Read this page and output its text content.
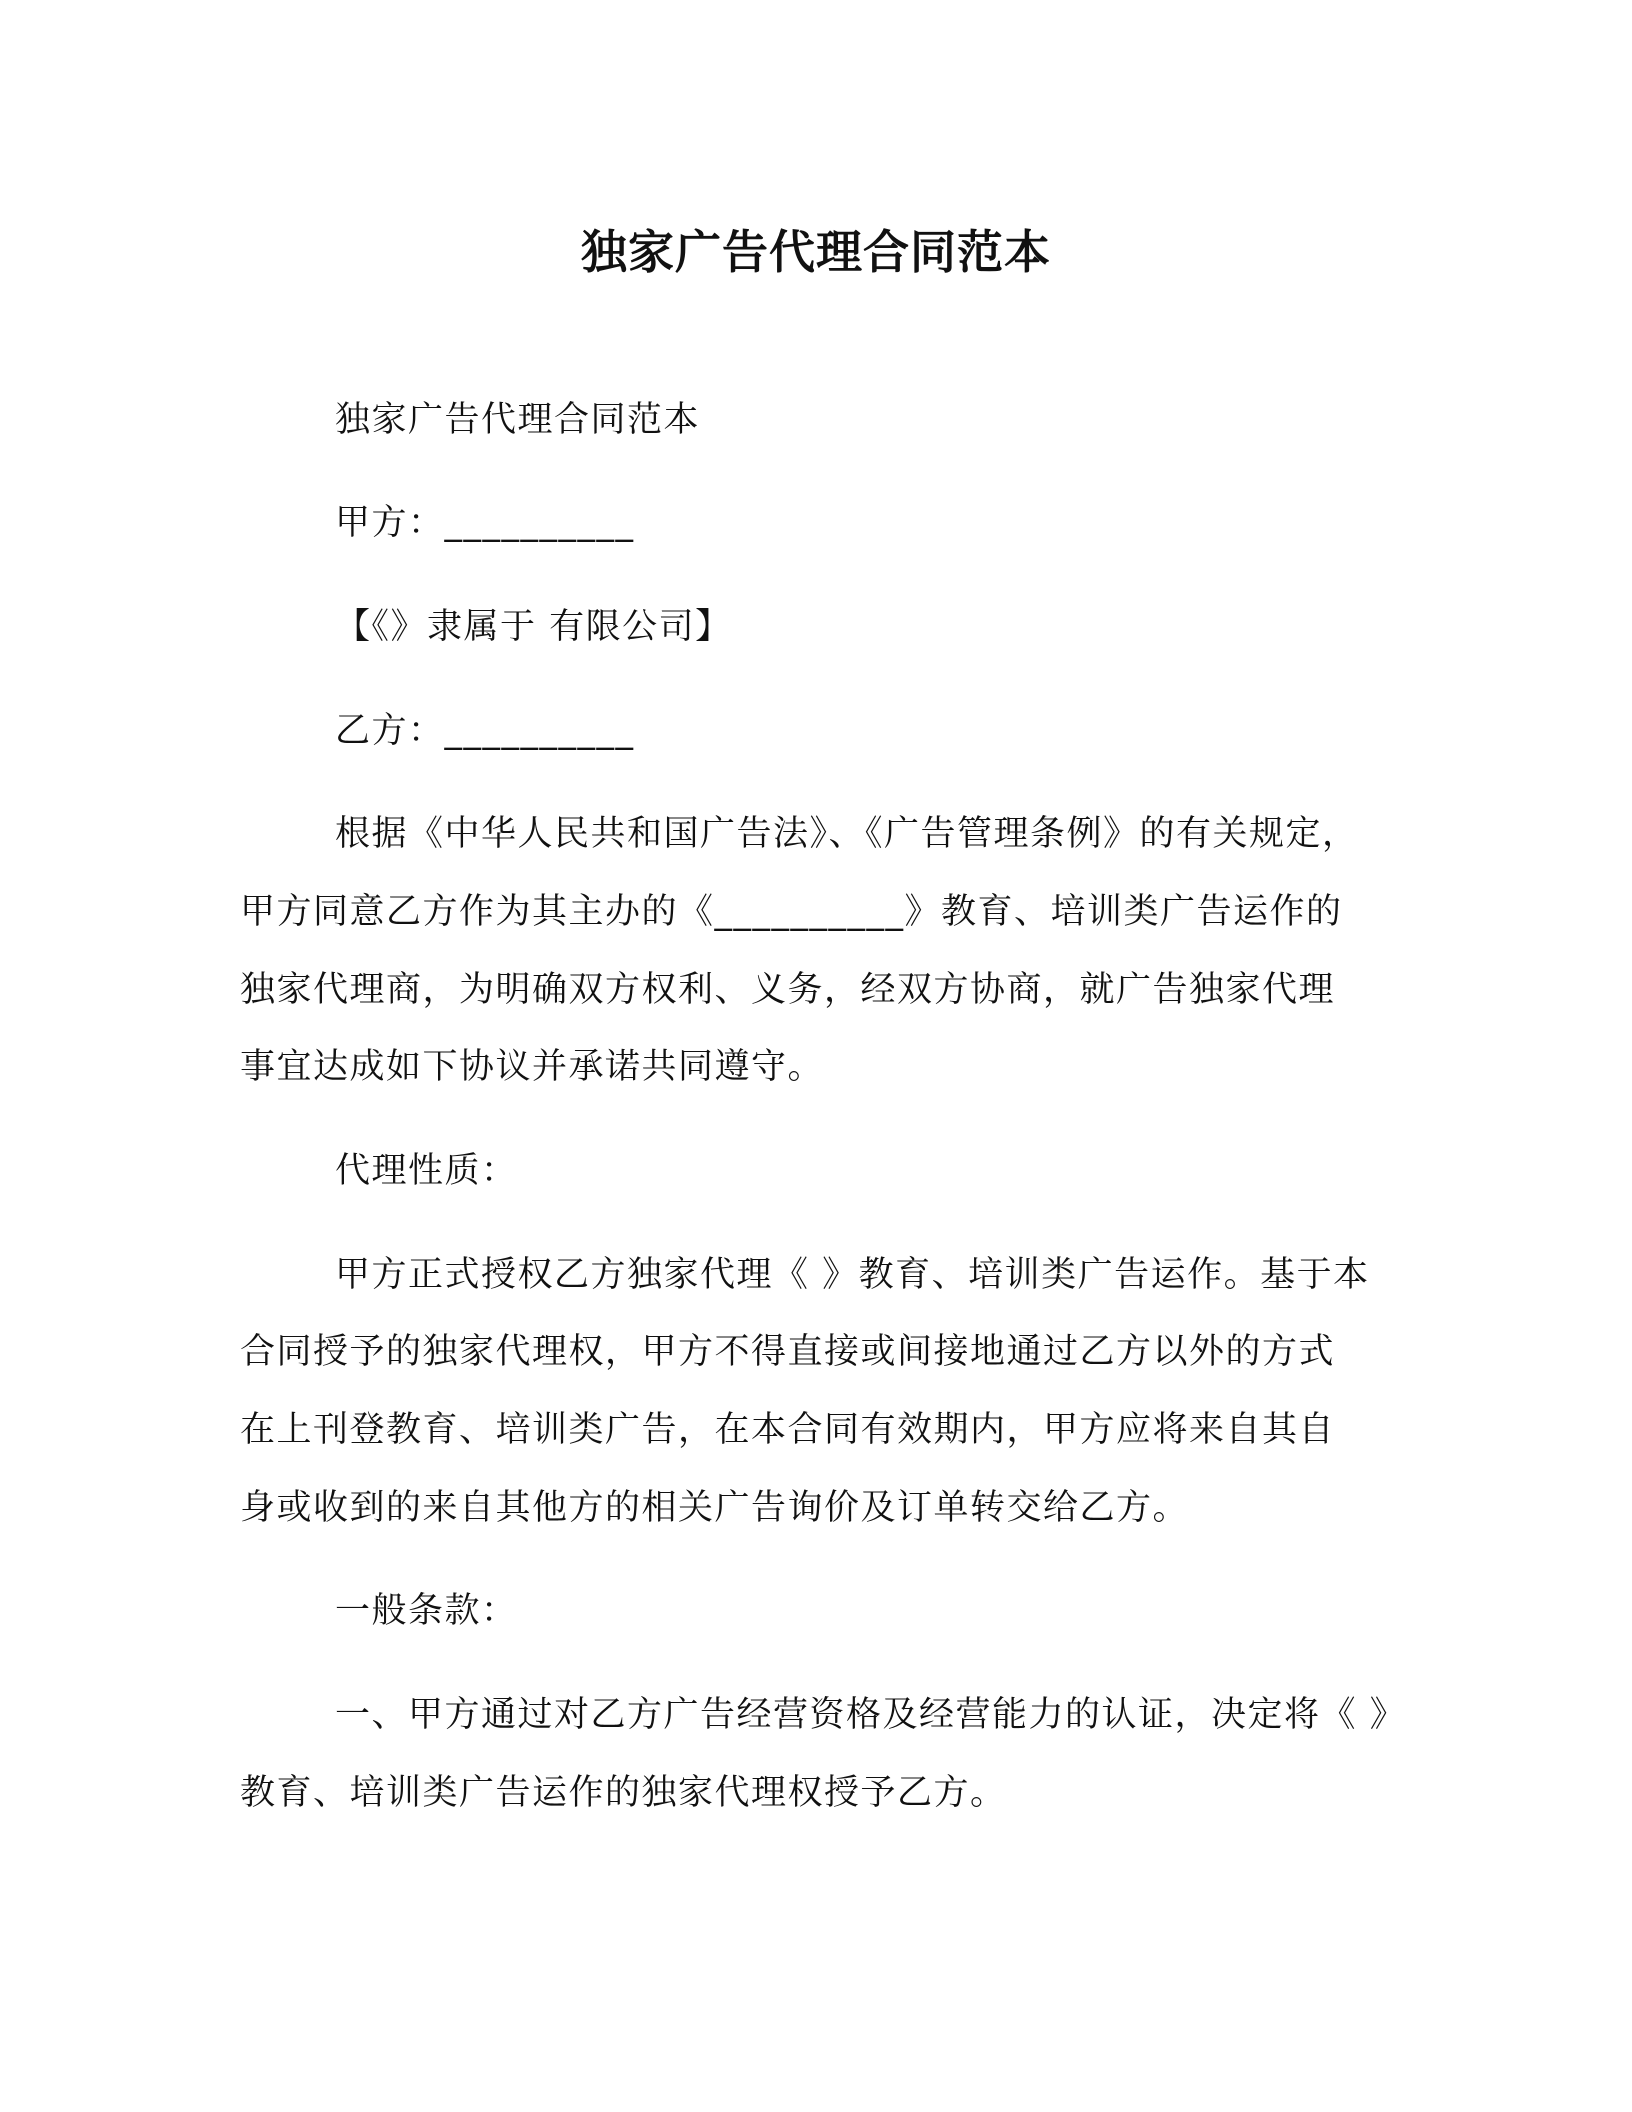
独家广告代理合同范本
独家广告代理合同范本
甲方：__________
【《》隶属于 有限公司】
乙方：__________
根据《中华人民共和国广告法》、《广告管理条例》的有关规定，
甲方同意乙方作为其主办的《__________》教育、培训类广告运作的
独家代理商，为明确双方权利、义务，经双方协商，就广告独家代理
事宜达成如下协议并承诺共同遵守。
代理性质：
甲方正式授权乙方独家代理《 》教育、培训类广告运作。基于本
合同授予的独家代理权，甲方不得直接或间接地通过乙方以外的方式
在上刊登教育、培训类广告，在本合同有效期内，甲方应将来自其自
身或收到的来自其他方的相关广告询价及订单转交给乙方。
一般条款：
一、甲方通过对乙方广告经营资格及经营能力的认证，决定将《 》
教育、培训类广告运作的独家代理权授予乙方。
